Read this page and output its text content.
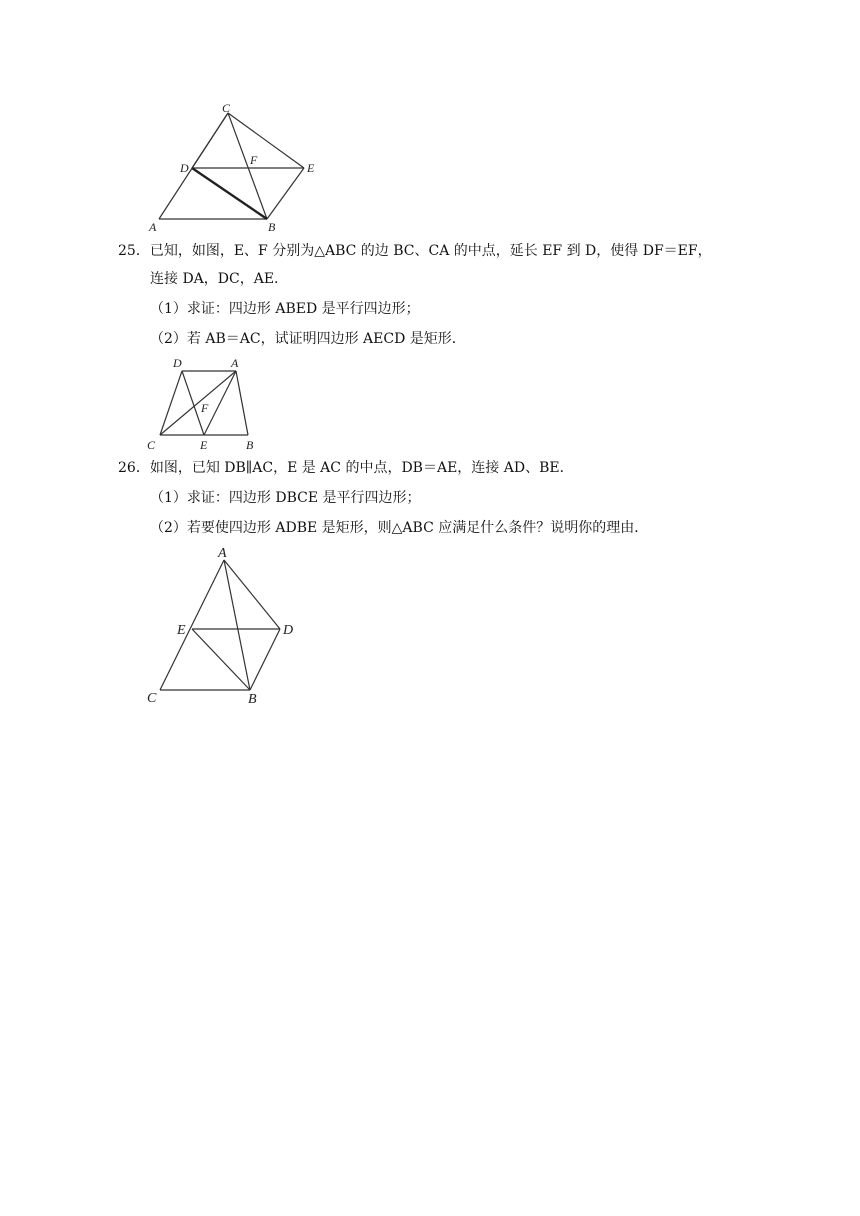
C
D
F
E
A	B
25．已知，如图，E、F 分别为△ABC 的边 BC、CA 的中点，延长 EF 到 D，使得 DF＝EF，
连接 DA，DC，AE．
（1）求证：四边形 ABED 是平行四边形；
（2）若 AB＝AC，试证明四边形 AECD 是矩形．
D	A
F
C	E	B
26．如图，已知 DB∥AC，E 是 AC 的中点，DB＝AE，连接 AD、BE．
（1）求证：四边形 DBCE 是平行四边形；
（2）若要使四边形 ADBE 是矩形，则△ABC 应满足什么条件？说明你的理由．
A
E	D
C	B
